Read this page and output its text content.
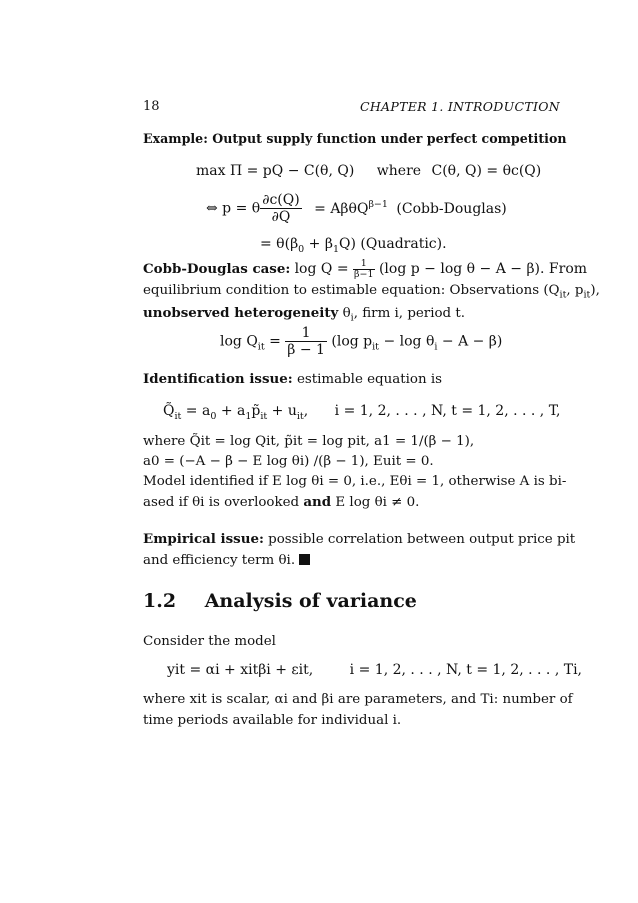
18	CHAPTER 1. INTRODUCTION
Example: Output supply function under perfect competition
max Π = pQ − C(θ, Q) where C(θ, Q) = θc(Q)
⇔ p = θ $\frac{\partial c(Q)}{\partial Q} = A\beta\theta Q^{\beta-1}$ (Cobb-Douglas)
= $\theta(\beta_0 + \beta_1Q)$ (Quadratic).
Cobb-Douglas case: $\log Q = \frac{1}{\beta-1} (\log$ p − log θ − A − β). From
equilibrium condition to estimable equation: Observations ($Q_{it}$, $p_{it}$),
unobserved heterogeneity $\theta_i$, firm i, period t.
$\log Q_{it} = \frac{1}{\beta - 1} (\log$ $p_{it} - \log \theta_i - A - \beta$)
Identification issue: estimable equation is
$Q̃_{it} = a_0$ + $a_1p̃_{it} + u_{it}$, i = 1, 2, . . . , N, t = 1, 2, . . . , T,
where Q̃it = log Qit, p̃it = log pit, a1 = 1/(β − 1),
a0 = (−A − β − E log θi) /(β − 1), Euit = 0.
Model identified if E log θi = 0, i.e., Eθi = 1, otherwise A is bi-
ased if θi is overlooked and E log θi ≠ 0.
Empirical issue: possible correlation between output price pit
and efficiency term θi.
1.2 Analysis of variance
Consider the model
yit = αi + xitβi + εit,	i = 1, 2, . . . , N, t = 1, 2, . . . , Ti,
where xit is scalar, αi and βi are parameters, and Ti: number of
time periods available for individual i.
